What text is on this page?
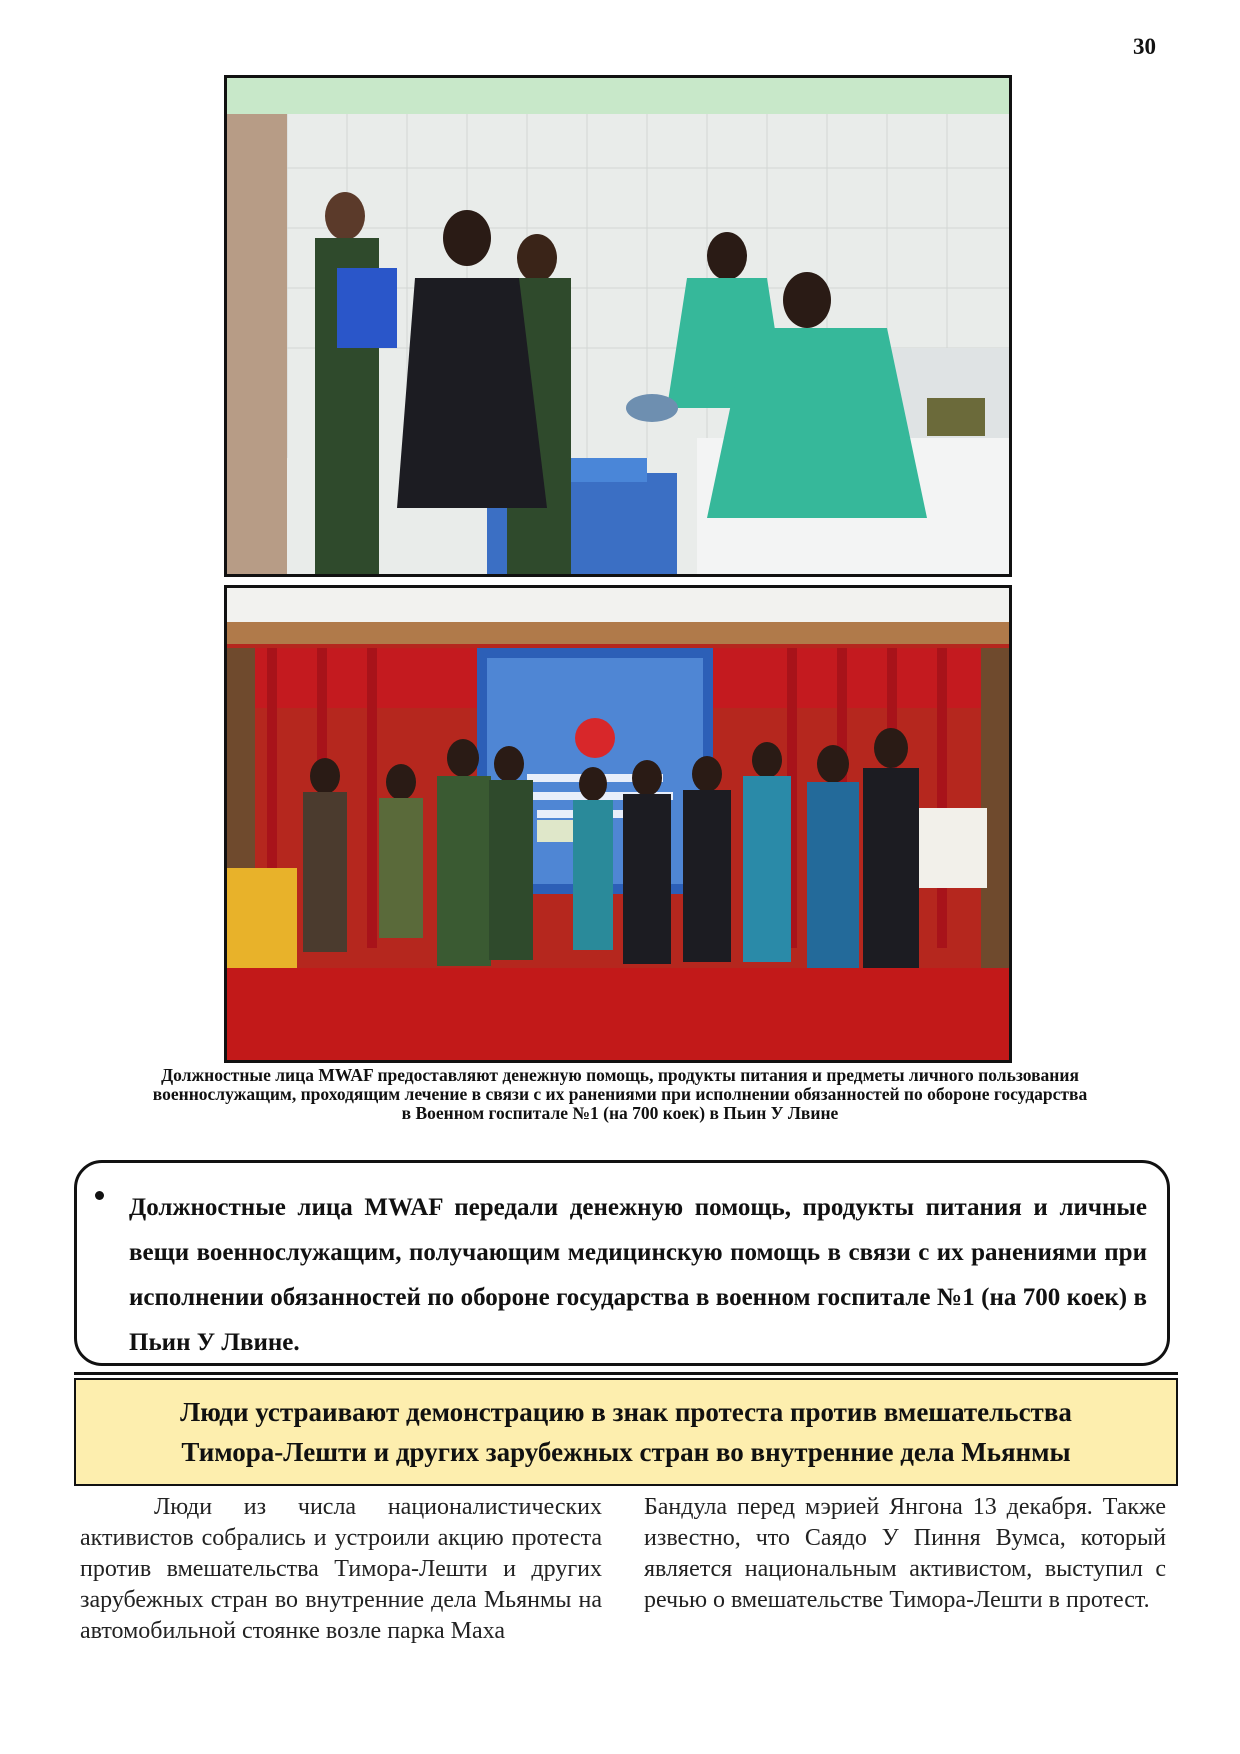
30
Должностные лица MWAF предоставляют денежную помощь, продукты питания и предметы личного пользования военнослужащим, проходящим лечение в связи с их ранениями при исполнении обязанностей по обороне государства в Военном госпитале №1 (на 700 коек) в Пьин У Лвине
Должностные лица MWAF передали денежную помощь, продукты питания и личные вещи военнослужащим, получающим медицинскую помощь в связи с их ранениями при исполнении обязанностей по обороне государства в военном госпитале №1 (на 700 коек) в Пьин У Лвине.
Люди устраивают демонстрацию в знак протеста против вмешательства
Тимора-Лешти и других зарубежных стран во внутренние дела Мьянмы
Люди из числа националистических активистов собрались и устроили акцию протеста против вмешательства Тимора-Лешти и других зарубежных стран во внутренние дела Мьянмы на автомобильной стоянке возле парка Маха
Бандула перед мэрией Янгона 13 декабря. Также известно, что Саядо У Пиння Вумса, который является национальным активистом, выступил с речью о вмешательстве Тимора-Лешти в протест.
